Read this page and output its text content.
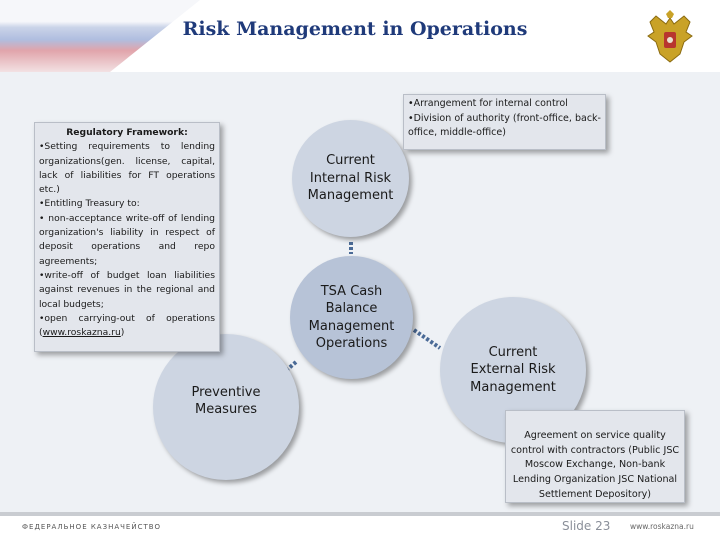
Risk Management in Operations
Current
Internal Risk
Management
TSA Cash
Balance
Management
Operations
Current
External Risk
Management
Preventive
Measures
Regulatory Framework:
•Setting requirements to lending organizations(gen. license, capital, lack of liabilities for FT operations etc.)
•Entitling Treasury to:
• non-acceptance write-off of lending organization's liability in respect of deposit operations and repo agreements;
•write-off of budget loan liabilities against revenues in the regional and local budgets;
•open carrying-out of operations (www.roskazna.ru)
•Arrangement for internal control
•Division of authority (front-office, back-office, middle-office)
Agreement on service quality control with contractors (Public JSC Moscow Exchange, Non-bank Lending Organization JSC National Settlement Depository)
ФЕДЕРАЛЬНОЕ КАЗНАЧЕЙСТВО	Slide 23	www.roskazna.ru
